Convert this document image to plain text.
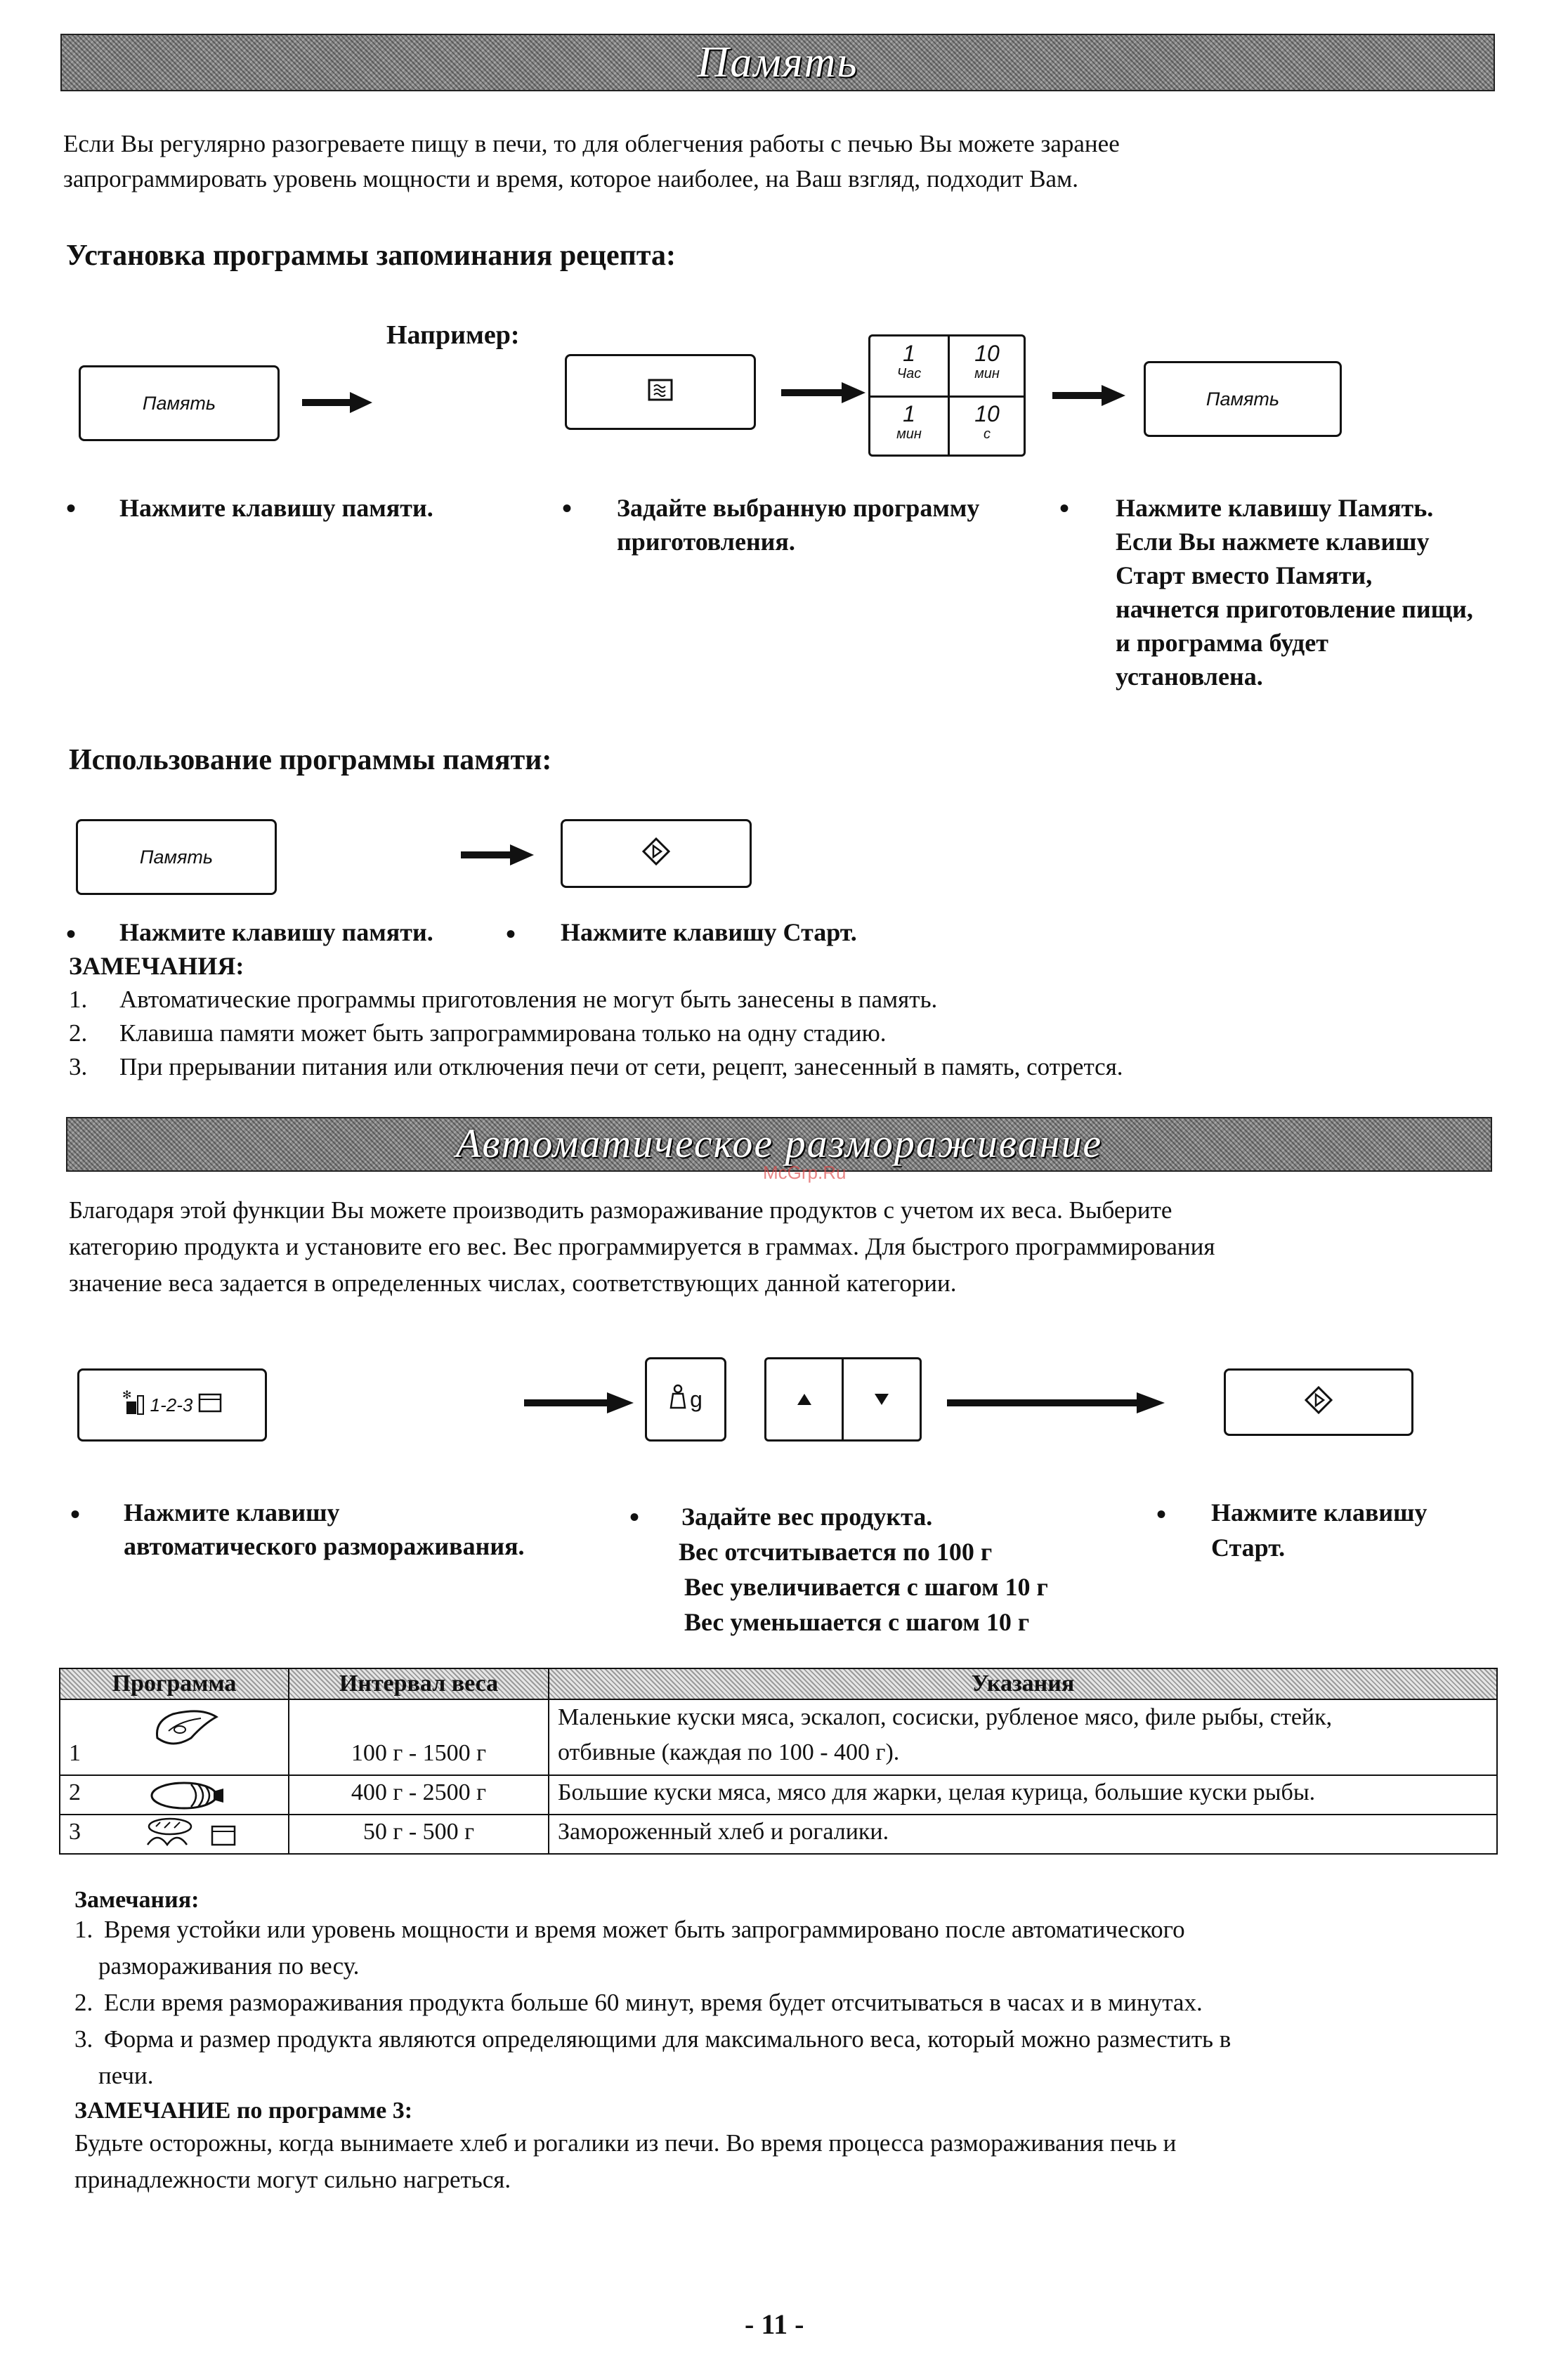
Память
Если Вы регулярно разогреваете пищу в печи, то для облегчения работы с печью Вы можете заранее
запрограммировать уровень мощности и время, которое наиболее, на Ваш взгляд, подходит Вам.
Установка программы запоминания рецепта:
Например:
Память
1
Час
10
мин
1
мин
10
с
Память
• Нажмите клавишу памяти.	• Задайте выбранную программу
приготовления.
• Нажмите клавишу Память.
Если Вы нажмете клавишу
Старт вместо Памяти,
начнется приготовление пищи,
и программа будет
установлена.
Использование программы памяти:
Память
• Нажмите клавишу памяти.	• Нажмите клавишу Старт.
ЗАМЕЧАНИЯ:
1. Автоматические программы приготовления не могут быть занесены в память.
2. Клавиша памяти может быть запрограммирована только на одну стадию.
3. При прерывании питания или отключения печи от сети, рецепт, занесенный в память, сотрется.
Автоматическое размораживание
McGrp.Ru
Благодаря этой функции Вы можете производить размораживание продуктов с учетом их веса. Выберите
категорию продукта и установите его вес. Вес программируется в граммах. Для быстрого программирования
значение веса задается в определенных числах, соответствующих данной категории.
✻ 1-2-3	g
• Нажмите клавишу
автоматического размораживания.
• Задайте вес продукта.
Вес отсчитывается по 100 г
Вес увеличивается с шагом 10 г
Вес уменьшается с шагом 10 г
• Нажмите клавишу
Старт.
Программа	Интервал веса	Указания
1	100 г - 1500 г	Маленькие куски мяса, эскалоп, сосиски, рубленое мясо, филе рыбы, стейк,
отбивные (каждая по 100 - 400 г).

2	400 г - 2500 г	Большие куски мяса, мясо для жарки, целая курица, большие куски рыбы.
3	50 г - 500 г	Замороженный хлеб и рогалики.
Замечания:
1. Время устойки или уровень мощности и время может быть запрограммировано после автоматического
размораживания по весу.
2. Если время размораживания продукта больше 60 минут, время будет отсчитываться в часах и в минутах.
3. Форма и размер продукта являются определяющими для максимального веса, который можно разместить в
печи.
ЗАМЕЧАНИЕ по программе 3:
Будьте осторожны, когда вынимаете хлеб и рогалики из печи. Во время процесса размораживания печь и
принадлежности могут сильно нагреться.
- 11 -
